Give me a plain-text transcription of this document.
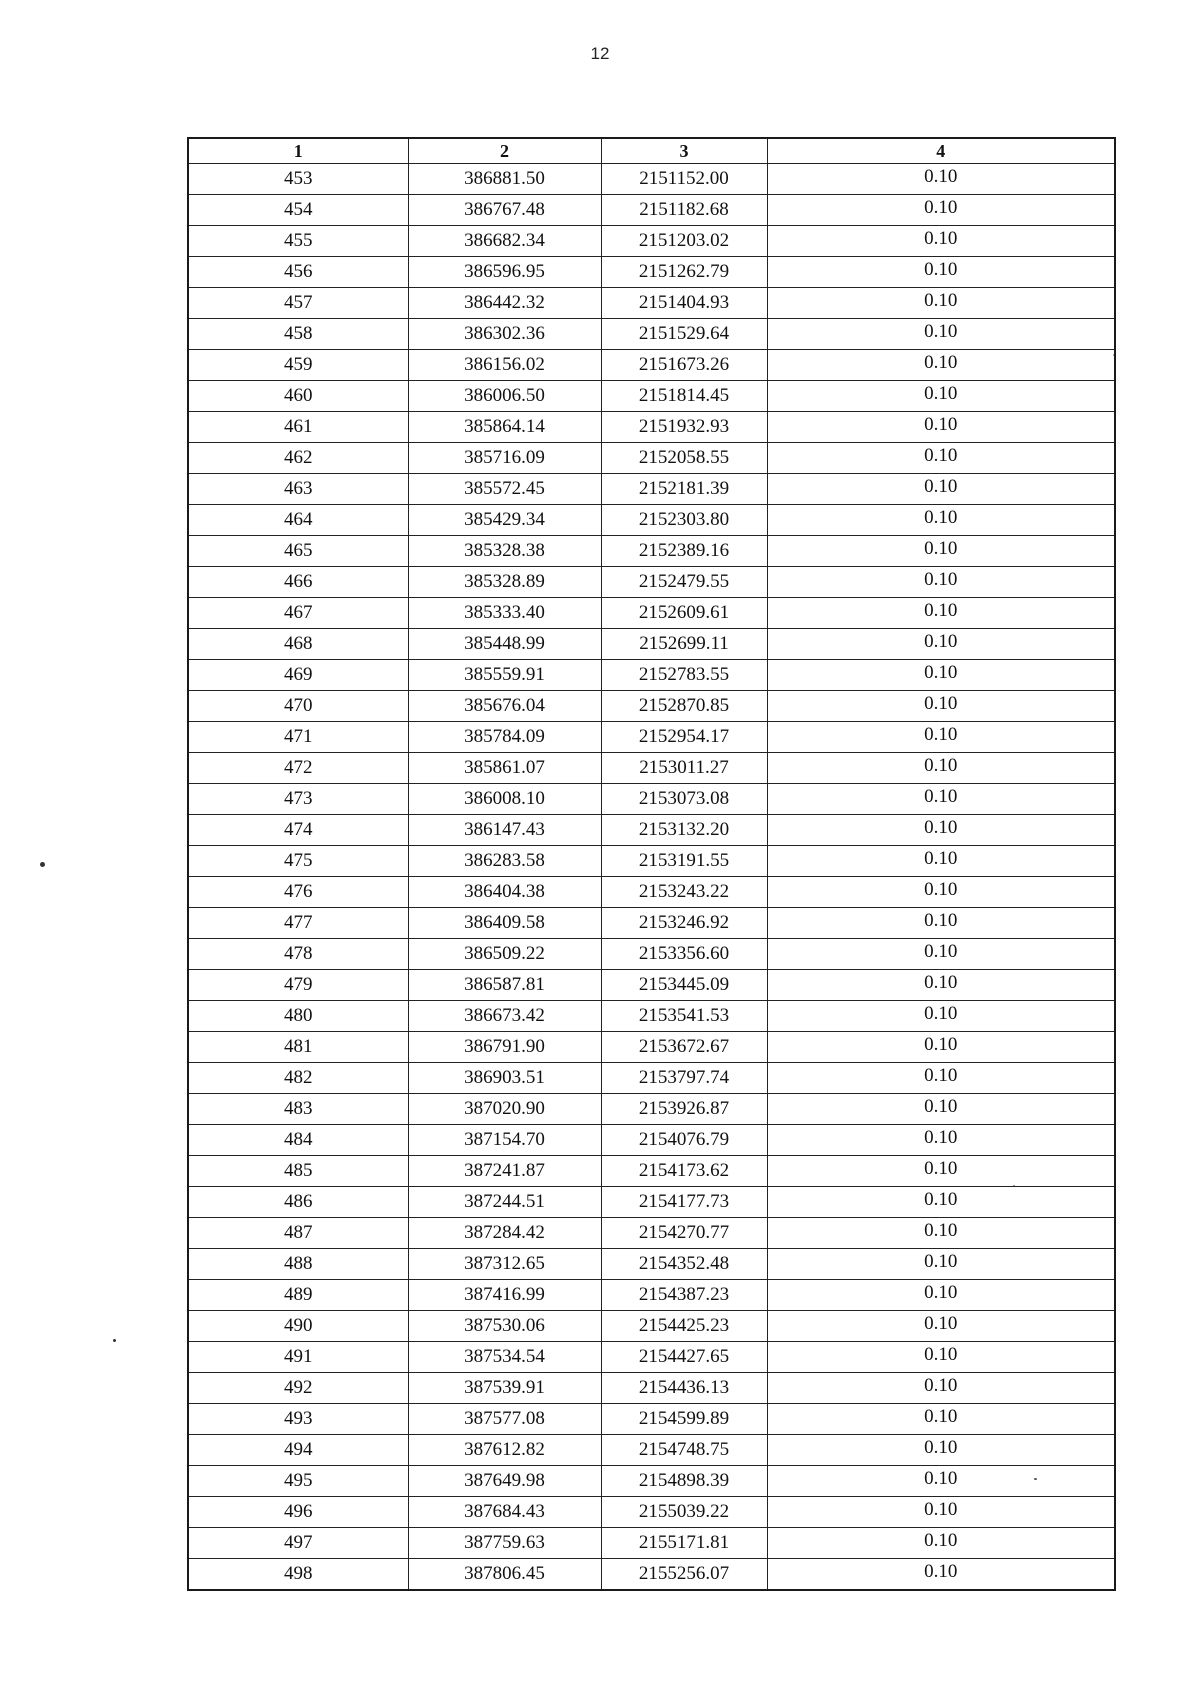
12
1	2	3	4
453	386881.50	2151152.00	0.10
454	386767.48	2151182.68	0.10
455	386682.34	2151203.02	0.10
456	386596.95	2151262.79	0.10
457	386442.32	2151404.93	0.10
458	386302.36	2151529.64	0.10
459	386156.02	2151673.26	0.10
460	386006.50	2151814.45	0.10
461	385864.14	2151932.93	0.10
462	385716.09	2152058.55	0.10
463	385572.45	2152181.39	0.10
464	385429.34	2152303.80	0.10
465	385328.38	2152389.16	0.10
466	385328.89	2152479.55	0.10
467	385333.40	2152609.61	0.10
468	385448.99	2152699.11	0.10
469	385559.91	2152783.55	0.10
470	385676.04	2152870.85	0.10
471	385784.09	2152954.17	0.10
472	385861.07	2153011.27	0.10
473	386008.10	2153073.08	0.10
474	386147.43	2153132.20	0.10
475	386283.58	2153191.55	0.10
476	386404.38	2153243.22	0.10
477	386409.58	2153246.92	0.10
478	386509.22	2153356.60	0.10
479	386587.81	2153445.09	0.10
480	386673.42	2153541.53	0.10
481	386791.90	2153672.67	0.10
482	386903.51	2153797.74	0.10
483	387020.90	2153926.87	0.10
484	387154.70	2154076.79	0.10
485	387241.87	2154173.62	0.10
486	387244.51	2154177.73	0.10
487	387284.42	2154270.77	0.10
488	387312.65	2154352.48	0.10
489	387416.99	2154387.23	0.10
490	387530.06	2154425.23	0.10
491	387534.54	2154427.65	0.10
492	387539.91	2154436.13	0.10
493	387577.08	2154599.89	0.10
494	387612.82	2154748.75	0.10
495	387649.98	2154898.39	0.10
496	387684.43	2155039.22	0.10
497	387759.63	2155171.81	0.10
498	387806.45	2155256.07	0.10
